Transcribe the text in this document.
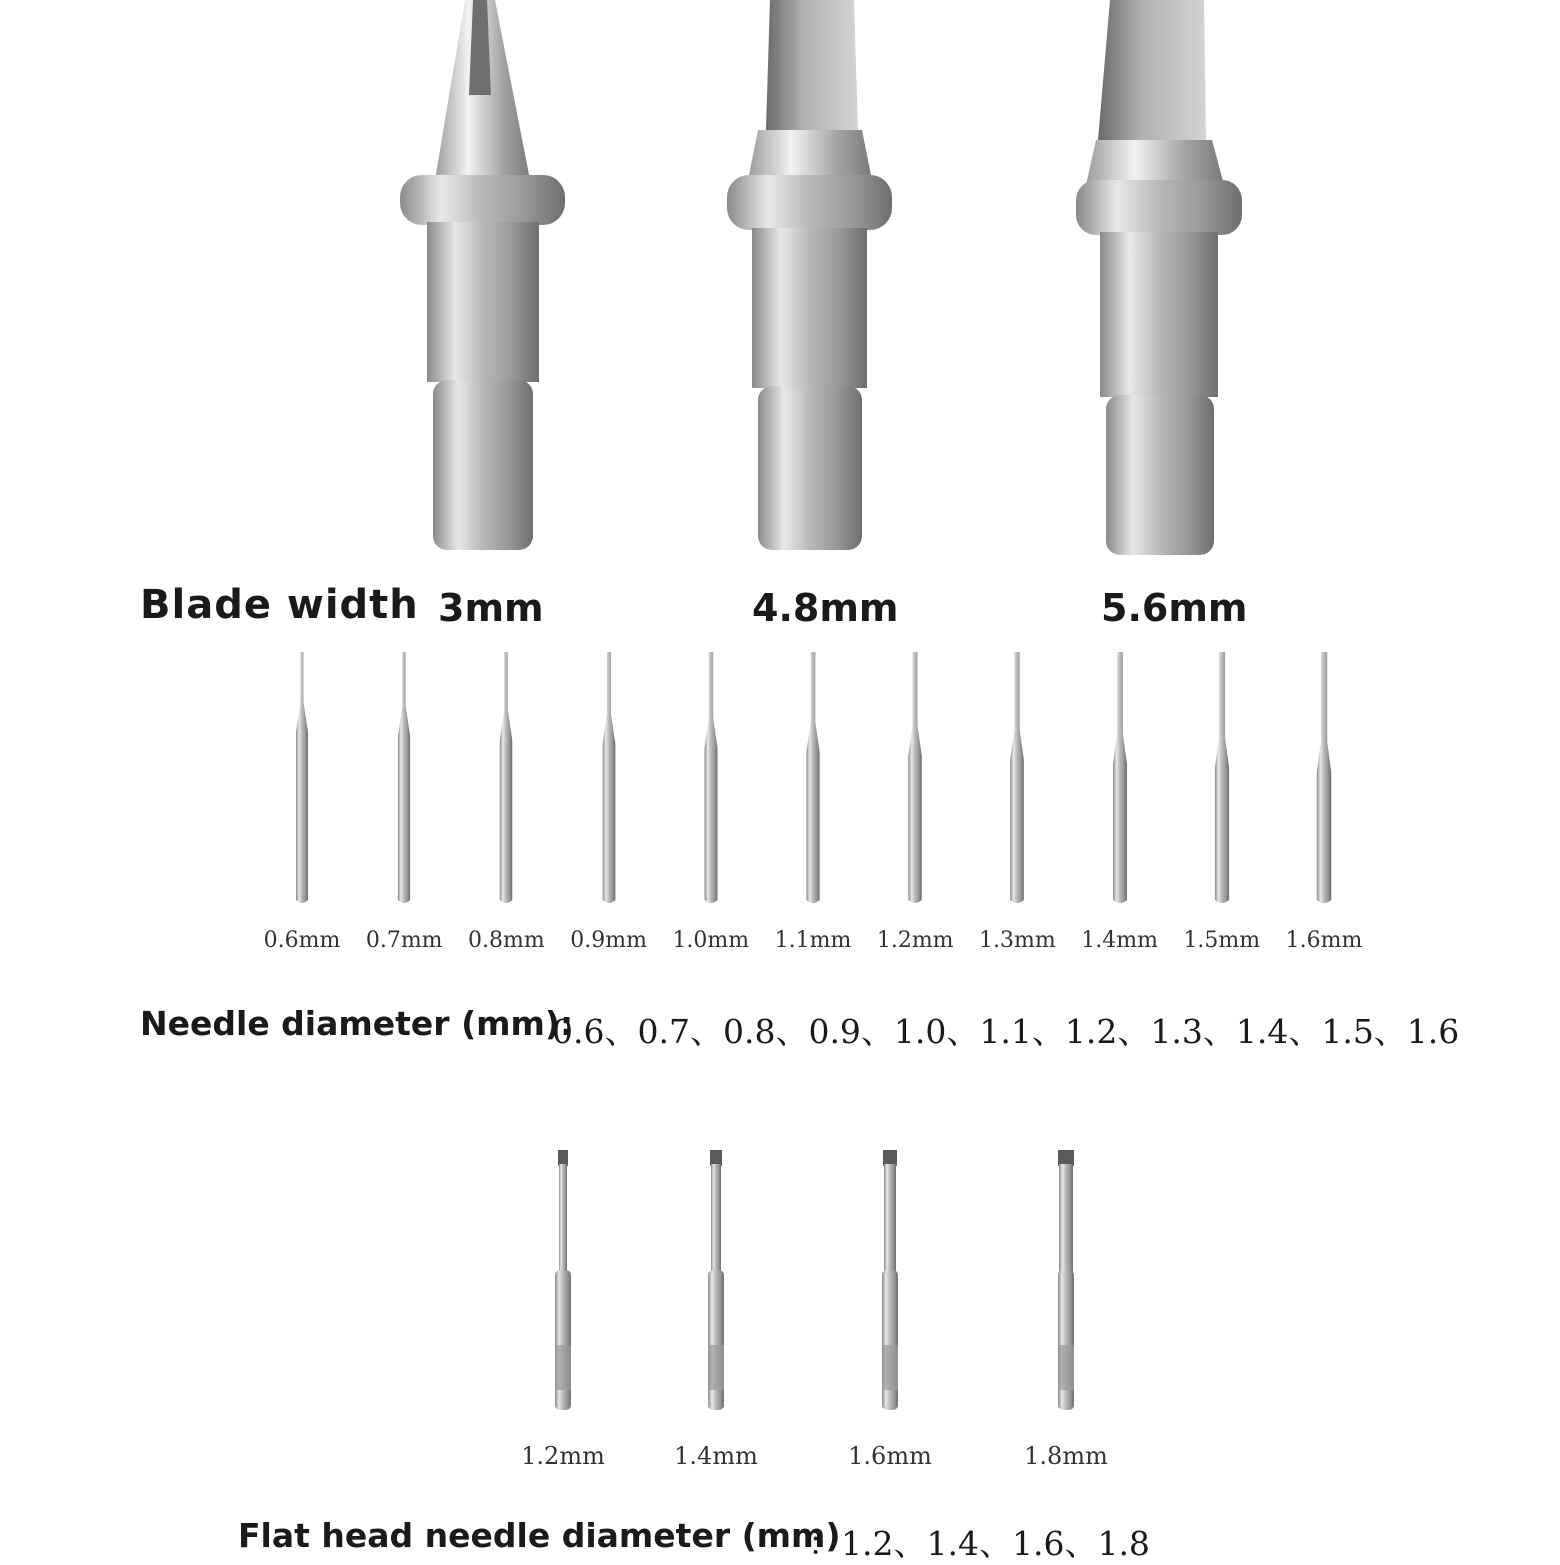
Blade width 3mm	4.8mm	5.6mm
0.6mm	0.7mm	0.8mm	0.9mm	1.0mm	1.1mm	1.2mm	1.3mm	1.4mm	1.5mm	1.6mm
Needle diameter (mm):
0.6、0.7、0.8、0.9、1.0、1.1、1.2、1.3、1.4、1.5、1.6
1.2mm	1.4mm	1.6mm	1.8mm
Flat head needle diameter (mm)
：1.2、1.4、1.6、1.8
